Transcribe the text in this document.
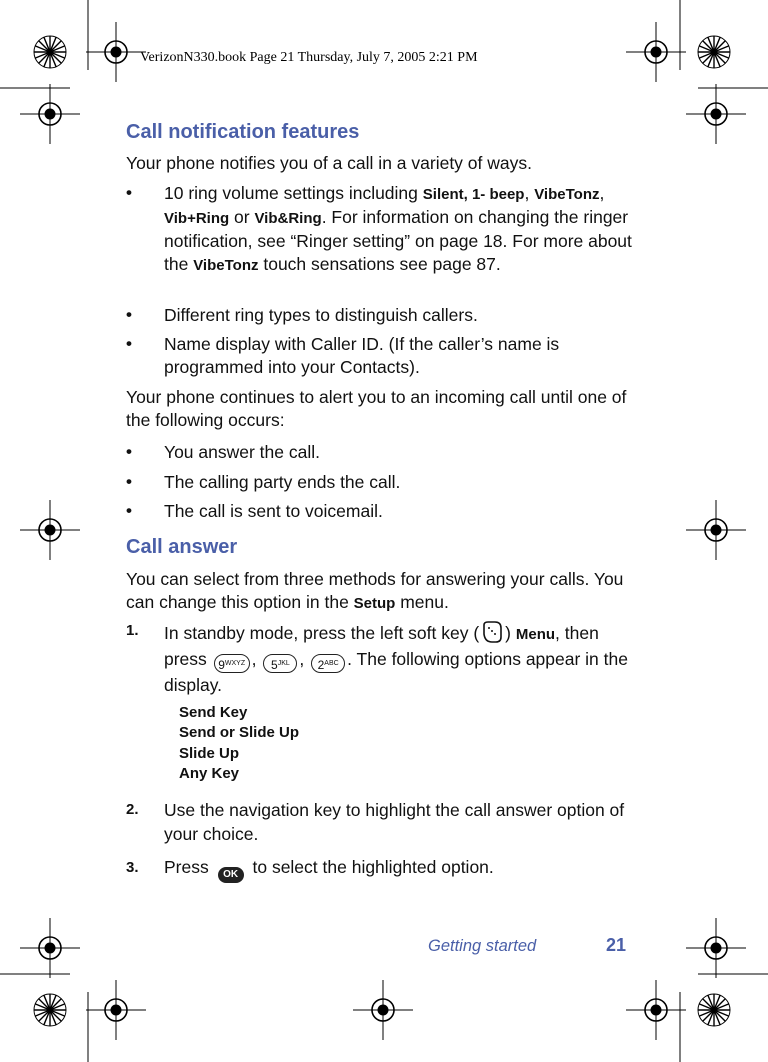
VerizonN330.book Page 21 Thursday, July 7, 2005 2:21 PM
Call notification features
Your phone notifies you of a call in a variety of ways.
• 10 ring volume settings including Silent, 1- beep, VibeTonz, Vib+Ring or Vib&Ring. For information on changing the ringer notification, see “Ringer setting” on page 18. For more about the VibeTonz touch sensations see page 87.
• Different ring types to distinguish callers.
• Name display with Caller ID. (If the caller’s name is programmed into your Contacts).
Your phone continues to alert you to an incoming call until one of the following occurs:
• You answer the call.
• The calling party ends the call.
• The call is sent to voicemail.
Call answer
You can select from three methods for answering your calls. You can change this option in the Setup menu.
1. In standby mode, press the left soft key ( ) Menu, then press $9^{WXYZ}$ , $5^{JKL}$ , $2^{ABC}$ . The following options appear in the display.
Send Key
Send or Slide Up
Slide Up
Any Key
2. Use the navigation key to highlight the call answer option of your choice.
3. Press OK to select the highlighted option.
Getting started	21
